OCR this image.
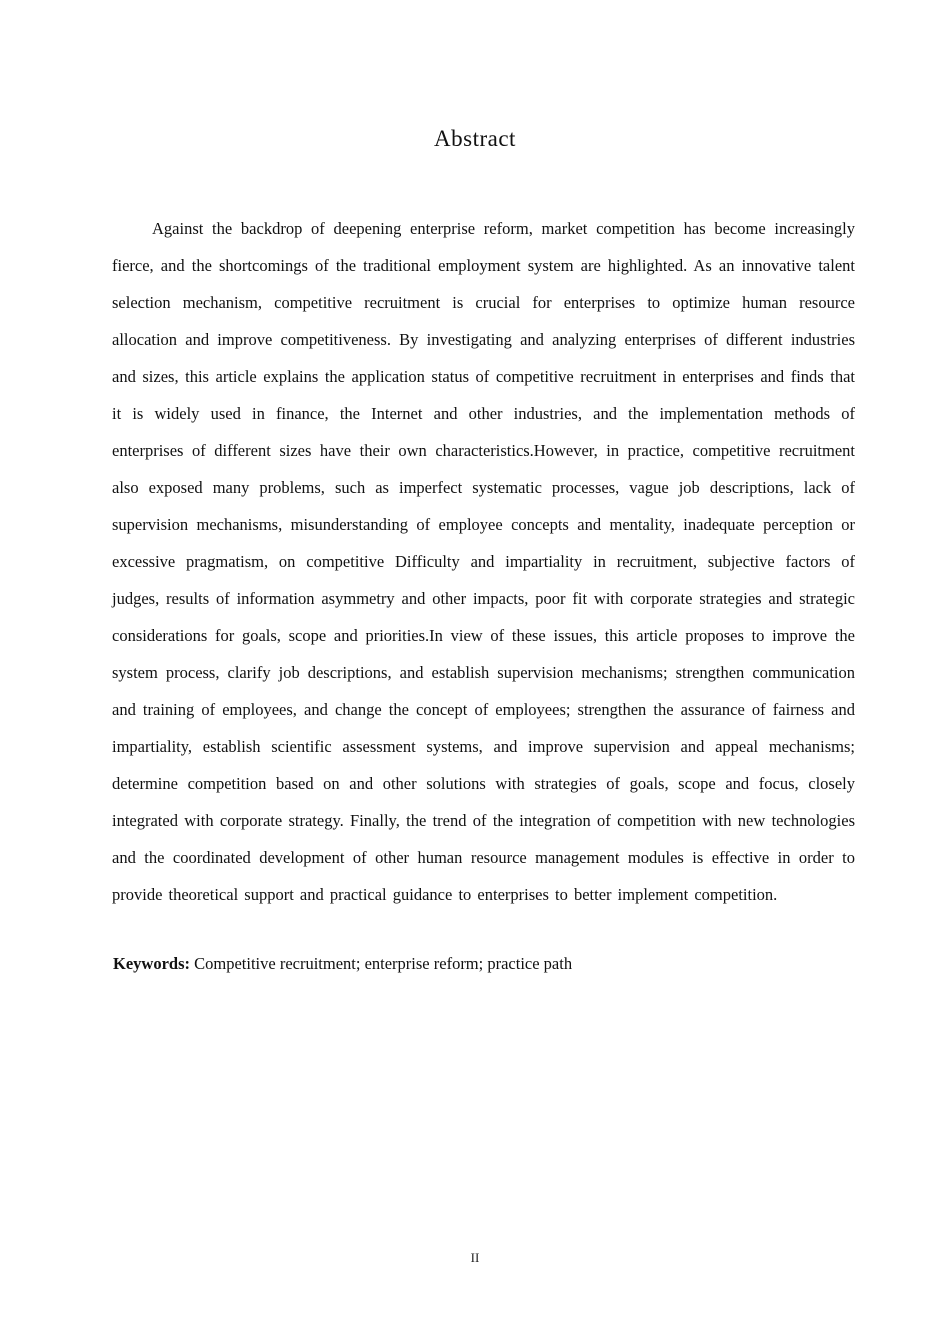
Abstract

Against the backdrop of deepening enterprise reform, market competition has become increasingly fierce, and the shortcomings of the traditional employment system are highlighted. As an innovative talent selection mechanism, competitive recruitment is crucial for enterprises to optimize human resource allocation and improve competitiveness. By investigating and analyzing enterprises of different industries and sizes, this article explains the application status of competitive recruitment in enterprises and finds that it is widely used in finance, the Internet and other industries, and the implementation methods of enterprises of different sizes have their own characteristics.However, in practice, competitive recruitment also exposed many problems, such as imperfect systematic processes, vague job descriptions, lack of supervision mechanisms, misunderstanding of employee concepts and mentality, inadequate perception or excessive pragmatism, on competitive Difficulty and impartiality in recruitment, subjective factors of judges, results of information asymmetry and other impacts, poor fit with corporate strategies and strategic considerations for goals, scope and priorities.In view of these issues, this article proposes to improve the system process, clarify job descriptions, and establish supervision mechanisms; strengthen communication and training of employees, and change the concept of employees; strengthen the assurance of fairness and impartiality, establish scientific assessment systems, and improve supervision and appeal mechanisms; determine competition based on and other solutions with strategies of goals, scope and focus, closely integrated with corporate strategy. Finally, the trend of the integration of competition with new technologies and the coordinated development of other human resource management modules is effective in order to provide theoretical support and practical guidance to enterprises to better implement competition.

Keywords: Competitive recruitment; enterprise reform; practice path

II
